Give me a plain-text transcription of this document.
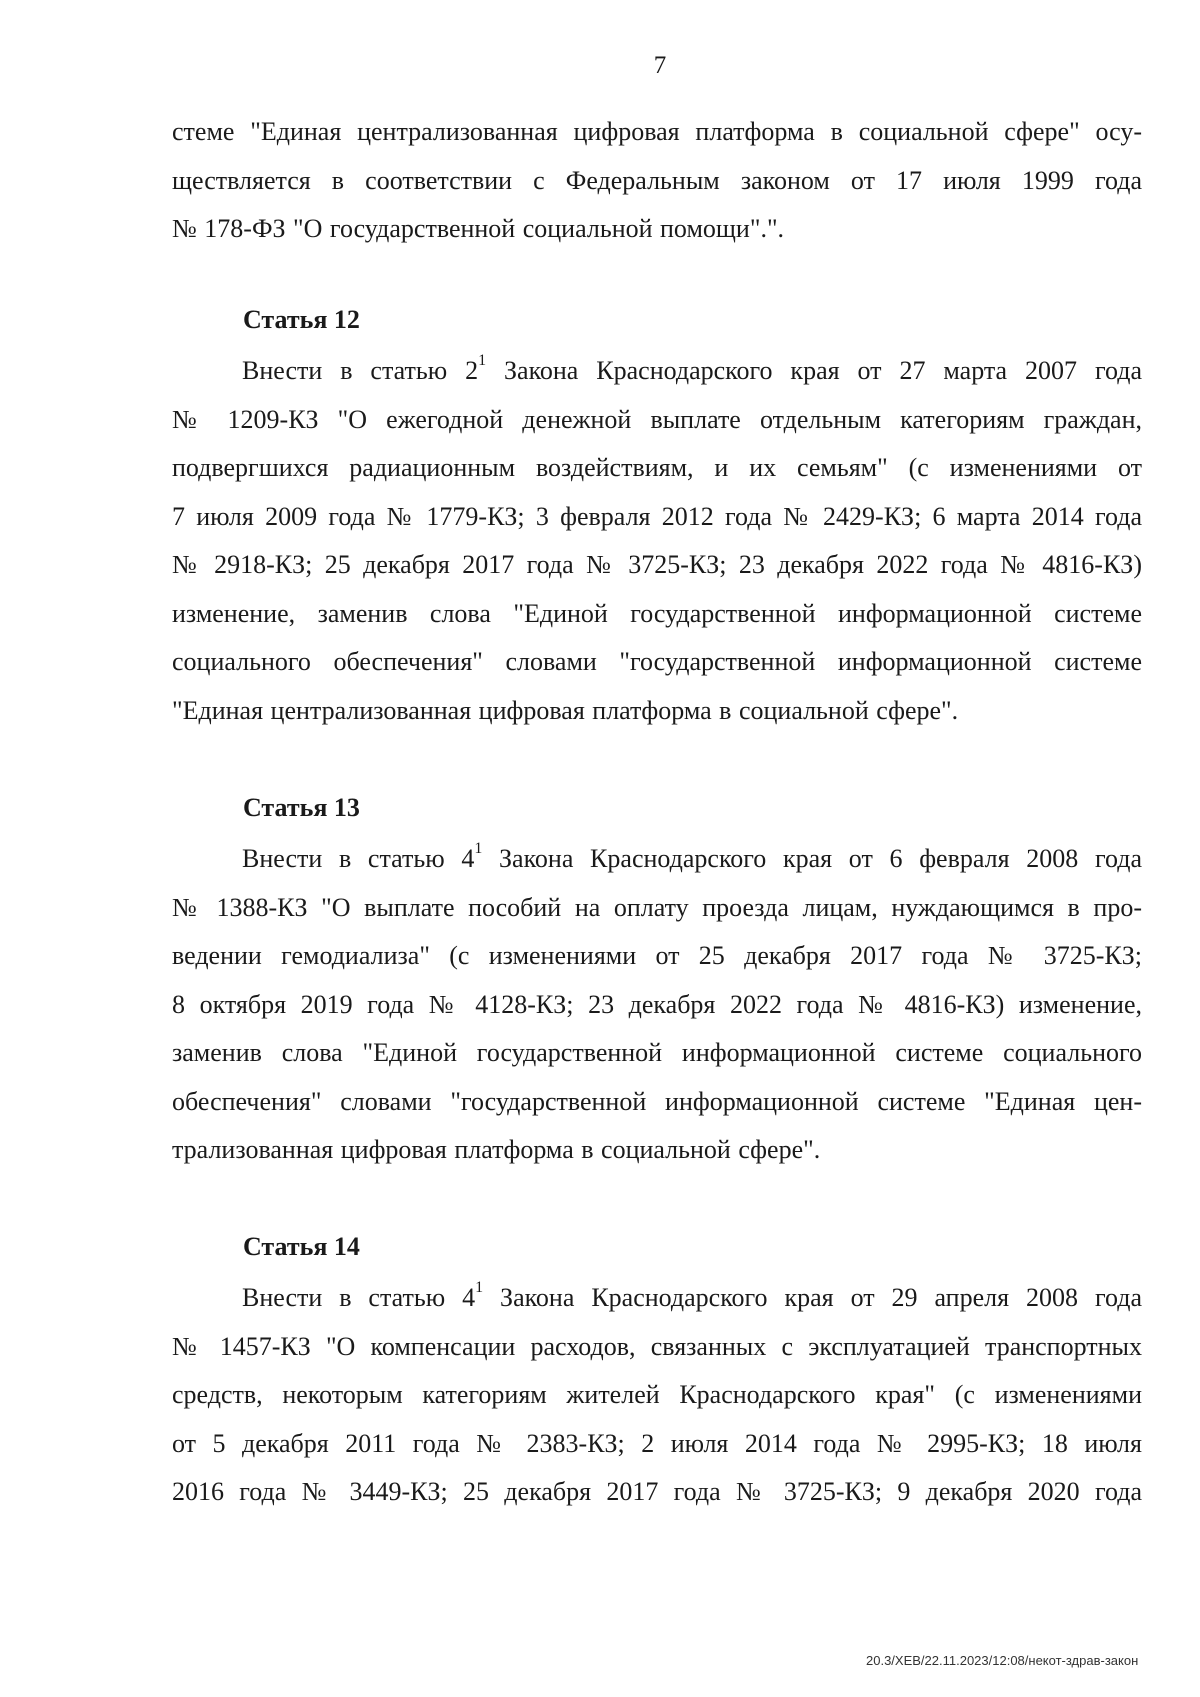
7

стеме "Единая централизованная цифровая платформа в социальной сфере" осу-
ществляется в соответствии с Федеральным законом от 17 июля 1999 года
№ 178-ФЗ "О государственной социальной помощи".".

Статья 12

Внести в статью $2^1$ Закона Краснодарского края от 27 марта 2007 года
№ 1209-КЗ "О ежегодной денежной выплате отдельным категориям граждан,
подвергшихся радиационным воздействиям, и их семьям" (с изменениями от
7 июля 2009 года № 1779-КЗ; 3 февраля 2012 года № 2429-КЗ; 6 марта 2014 года
№ 2918-КЗ; 25 декабря 2017 года № 3725-КЗ; 23 декабря 2022 года № 4816-КЗ)
изменение, заменив слова "Единой государственной информационной системе
социального обеспечения" словами "государственной информационной системе
"Единая централизованная цифровая платформа в социальной сфере".

Статья 13

Внести в статью $4^1$ Закона Краснодарского края от 6 февраля 2008 года
№ 1388-КЗ "О выплате пособий на оплату проезда лицам, нуждающимся в про-
ведении гемодиализа" (с изменениями от 25 декабря 2017 года № 3725-КЗ;
8 октября 2019 года № 4128-КЗ; 23 декабря 2022 года № 4816-КЗ) изменение,
заменив слова "Единой государственной информационной системе социального
обеспечения" словами "государственной информационной системе "Единая цен-
трализованная цифровая платформа в социальной сфере".

Статья 14

Внести в статью $4^1$ Закона Краснодарского края от 29 апреля 2008 года
№ 1457-КЗ "О компенсации расходов, связанных с эксплуатацией транспортных
средств, некоторым категориям жителей Краснодарского края" (с изменениями
от 5 декабря 2011 года № 2383-КЗ; 2 июля 2014 года № 2995-КЗ; 18 июля
2016 года № 3449-КЗ; 25 декабря 2017 года № 3725-КЗ; 9 декабря 2020 года

20.3/ХЕВ/22.11.2023/12:08/некот-здрав-закон
